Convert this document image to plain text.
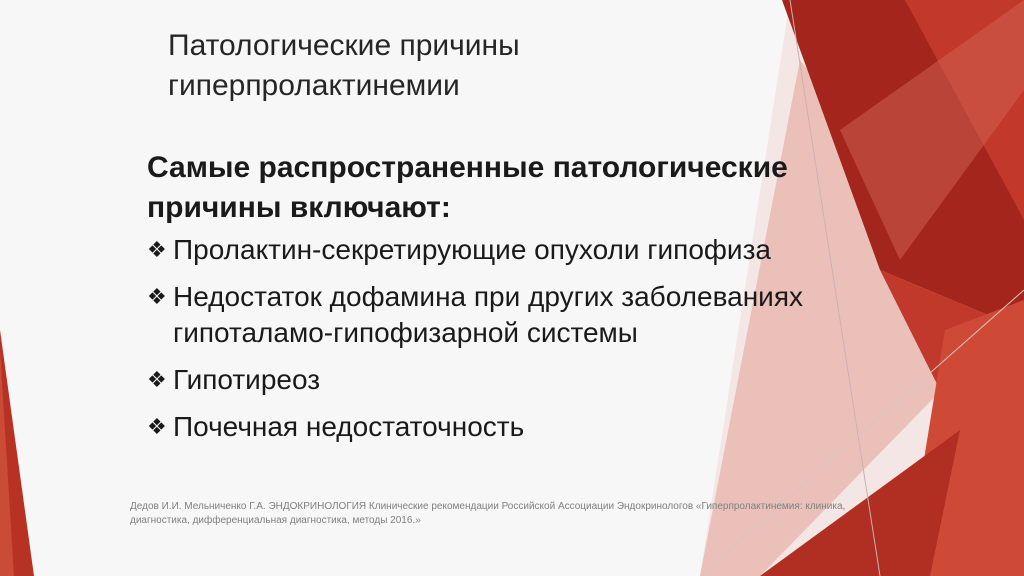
Патологические причины
гиперпролактинемии
Самые распространенные патологические
причины включают:
❖ Пролактин-секретирующие опухоли гипофиза
❖ Недостаток дофамина при других заболеваниях
гипоталамо-гипофизарной системы
❖ Гипотиреоз
❖ Почечная недостаточность
Дедов И.И. Мельниченко Г.А. ЭНДОКРИНОЛОГИЯ Клинические рекомендации Российской Ассоциации Эндокринологов «Гиперпролактинемия: клиника, диагностика, дифференциальная диагностика, методы 2016.»
